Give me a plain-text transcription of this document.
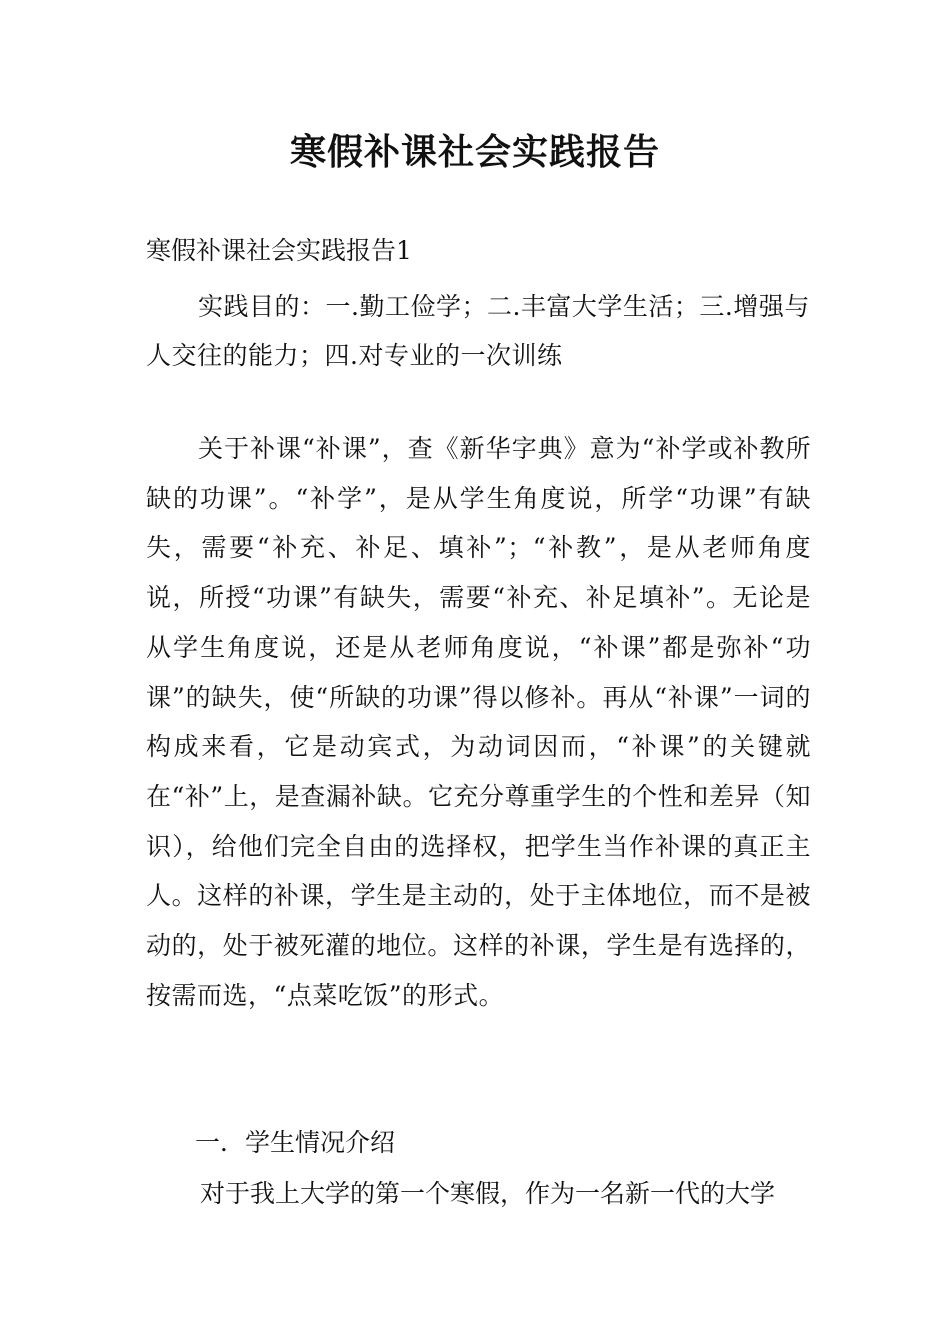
寒假补课社会实践报告

寒假补课社会实践报告1

实践目的：一.勤工俭学；二.丰富大学生活；三.增强与人交往的能力；四.对专业的一次训练

关于补课“补课”，查《新华字典》意为“补学或补教所缺的功课”。“补学”，是从学生角度说，所学“功课”有缺失，需要“补充、补足、填补”；“补教”，是从老师角度说，所授“功课”有缺失，需要“补充、补足填补”。无论是从学生角度说，还是从老师角度说，“补课”都是弥补“功课”的缺失，使“所缺的功课”得以修补。再从“补课”一词的构成来看，它是动宾式，为动词因而，“补课”的关键就在“补”上，是查漏补缺。它充分尊重学生的个性和差异（知识），给他们完全自由的选择权，把学生当作补课的真正主人。这样的补课，学生是主动的，处于主体地位，而不是被动的，处于被死灌的地位。这样的补课，学生是有选择的，按需而选，“点菜吃饭”的形式。

一．学生情况介绍

对于我上大学的第一个寒假，作为一名新一代的大学
